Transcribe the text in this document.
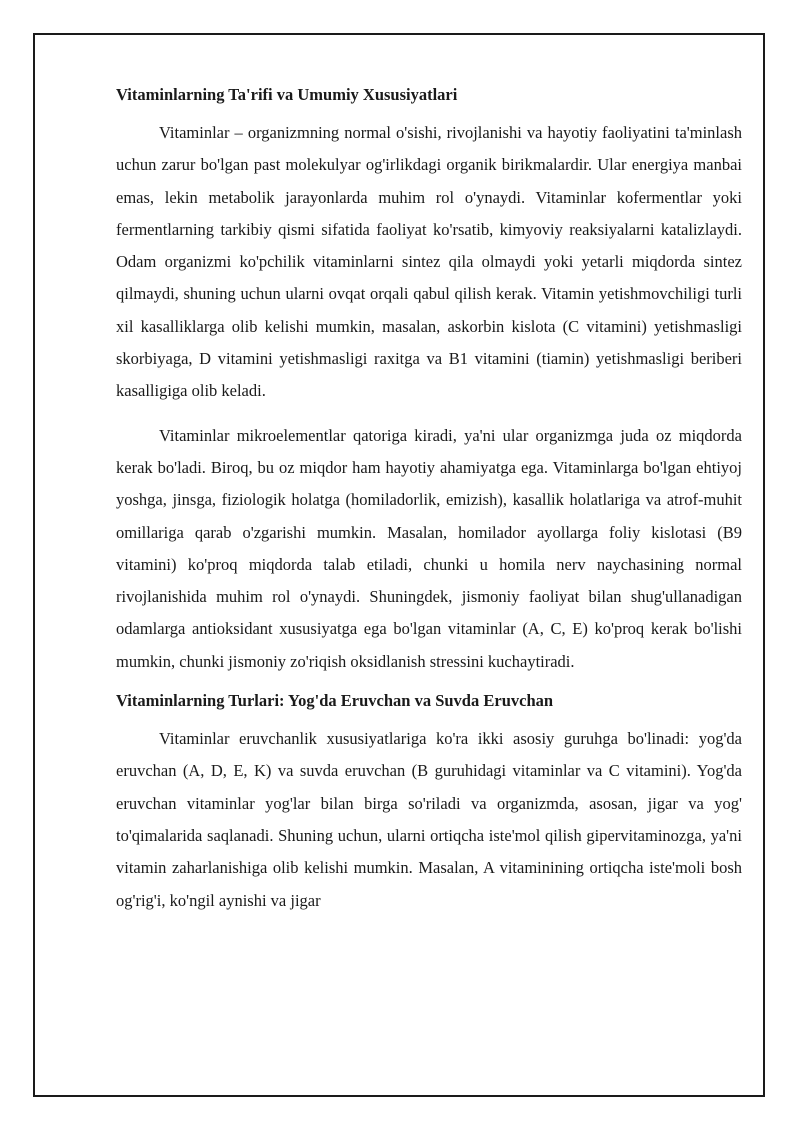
Vitaminlarning Ta'rifi va Umumiy Xususiyatlari

Vitaminlar – organizmning normal o'sishi, rivojlanishi va hayotiy faoliyatini ta'minlash uchun zarur bo'lgan past molekulyar og'irlikdagi organik birikmalardir. Ular energiya manbai emas, lekin metabolik jarayonlarda muhim rol o'ynaydi. Vitaminlar kofermentlar yoki fermentlarning tarkibiy qismi sifatida faoliyat ko'rsatib, kimyoviy reaksiyalarni katalizlaydi. Odam organizmi ko'pchilik vitaminlarni sintez qila olmaydi yoki yetarli miqdorda sintez qilmaydi, shuning uchun ularni ovqat orqali qabul qilish kerak. Vitamin yetishmovchiligi turli xil kasalliklarga olib kelishi mumkin, masalan, askorbin kislota (C vitamini) yetishmasligi skorbiyaga, D vitamini yetishmasligi raxitga va B1 vitamini (tiamin) yetishmasligi beriberi kasalligiga olib keladi.

Vitaminlar mikroelementlar qatoriga kiradi, ya'ni ular organizmga juda oz miqdorda kerak bo'ladi. Biroq, bu oz miqdor ham hayotiy ahamiyatga ega. Vitaminlarga bo'lgan ehtiyoj yoshga, jinsga, fiziologik holatga (homiladorlik, emizish), kasallik holatlariga va atrof-muhit omillariga qarab o'zgarishi mumkin. Masalan, homilador ayollarga foliy kislotasi (B9 vitamini) ko'proq miqdorda talab etiladi, chunki u homila nerv naychasining normal rivojlanishida muhim rol o'ynaydi. Shuningdek, jismoniy faoliyat bilan shug'ullanadigan odamlarga antioksidant xususiyatga ega bo'lgan vitaminlar (A, C, E) ko'proq kerak bo'lishi mumkin, chunki jismoniy zo'riqish oksidlanish stressini kuchaytiradi.

Vitaminlarning Turlari: Yog'da Eruvchan va Suvda Eruvchan

Vitaminlar eruvchanlik xususiyatlariga ko'ra ikki asosiy guruhga bo'linadi: yog'da eruvchan (A, D, E, K) va suvda eruvchan (B guruhidagi vitaminlar va C vitamini). Yog'da eruvchan vitaminlar yog'lar bilan birga so'riladi va organizmda, asosan, jigar va yog' to'qimalarida saqlanadi. Shuning uchun, ularni ortiqcha iste'mol qilish gipervitaminozga, ya'ni vitamin zaharlanishiga olib kelishi mumkin. Masalan, A vitaminining ortiqcha iste'moli bosh og'rig'i, ko'ngil aynishi va jigar
